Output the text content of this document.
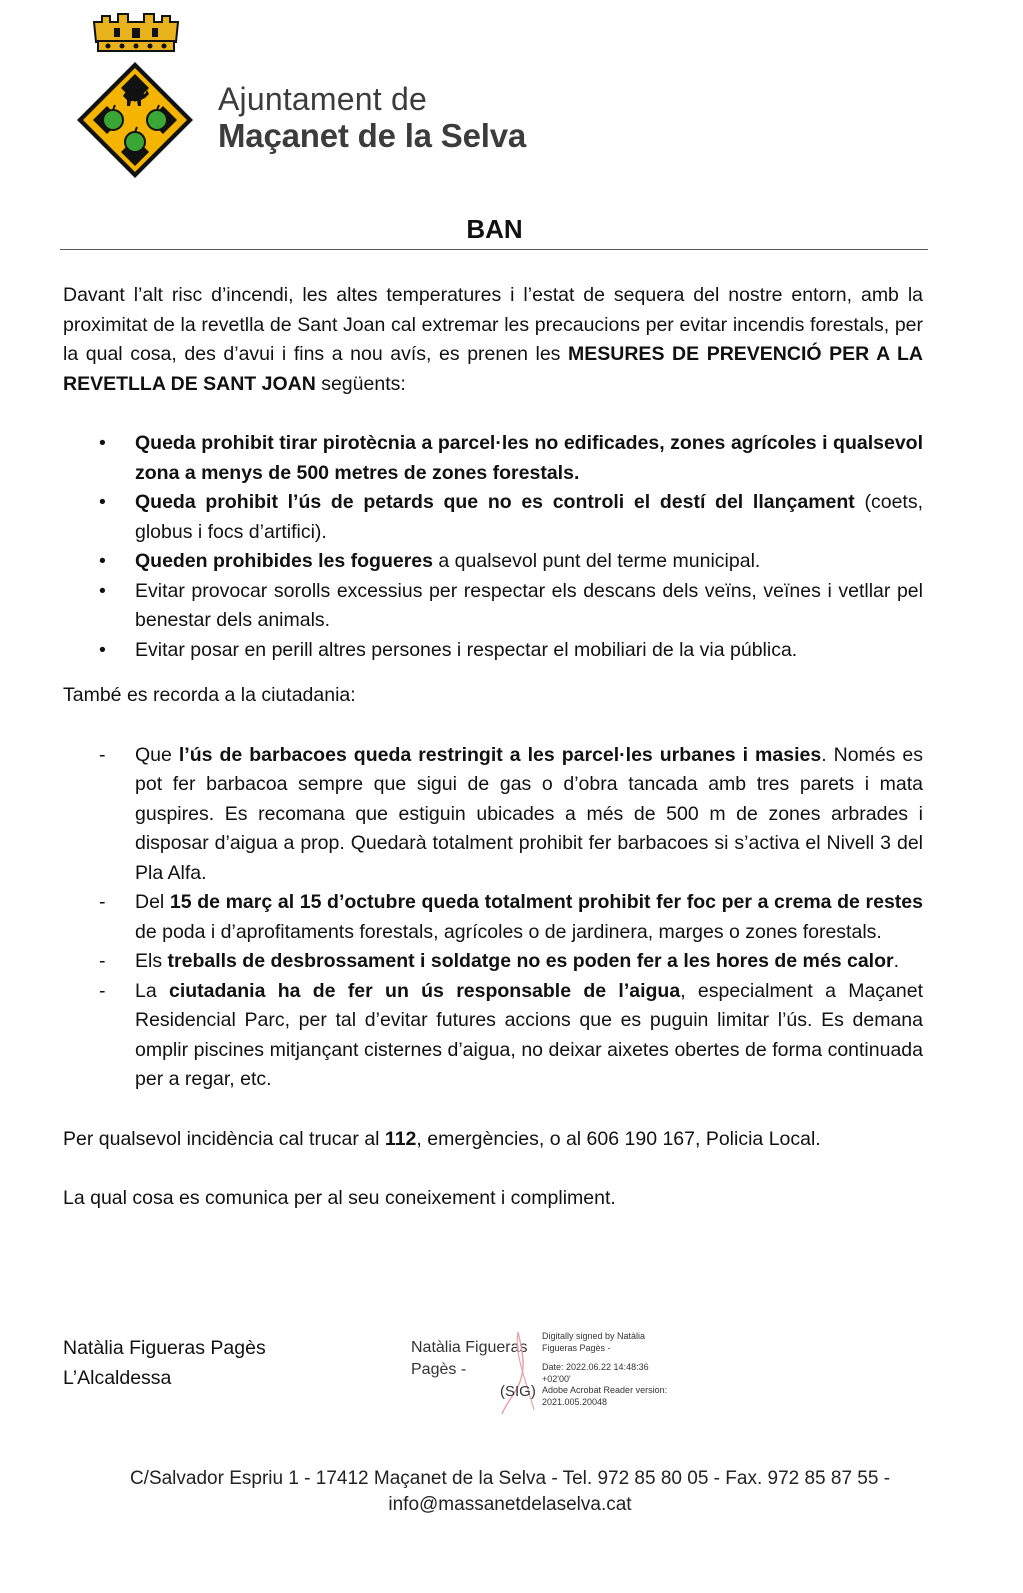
Ajuntament de
Maçanet de la Selva
BAN

Davant l’alt risc d’incendi, les altes temperatures i l’estat de sequera del nostre entorn, amb la proximitat de la revetlla de Sant Joan cal extremar les precaucions per evitar incendis forestals, per la qual cosa, des d’avui i fins a nou avís, es prenen les MESURES DE PREVENCIÓ PER A LA REVETLLA DE SANT JOAN següents:

• Queda prohibit tirar pirotècnia a parcel·les no edificades, zones agrícoles i qualsevol zona a menys de 500 metres de zones forestals.
• Queda prohibit l’ús de petards que no es controli el destí del llançament (coets, globus i focs d’artifici).
• Queden prohibides les fogueres a qualsevol punt del terme municipal.
• Evitar provocar sorolls excessius per respectar els descans dels veïns, veïnes i vetllar pel benestar dels animals.
• Evitar posar en perill altres persones i respectar el mobiliari de la via pública.

També es recorda a la ciutadania:

- Que l’ús de barbacoes queda restringit a les parcel·les urbanes i masies. Només es pot fer barbacoa sempre que sigui de gas o d’obra tancada amb tres parets i mata guspires. Es recomana que estiguin ubicades a més de 500 m de zones arbrades i disposar d’aigua a prop. Quedarà totalment prohibit fer barbacoes si s’activa el Nivell 3 del Pla Alfa.
- Del 15 de març al 15 d’octubre queda totalment prohibit fer foc per a crema de restes de poda i d’aprofitaments forestals, agrícoles o de jardinera, marges o zones forestals.
- Els treballs de desbrossament i soldatge no es poden fer a les hores de més calor.
- La ciutadania ha de fer un ús responsable de l’aigua, especialment a Maçanet Residencial Parc, per tal d’evitar futures accions que es puguin limitar l’ús. Es demana omplir piscines mitjançant cisternes d’aigua, no deixar aixetes obertes de forma continuada per a regar, etc.

Per qualsevol incidència cal trucar al 112, emergències, o al 606 190 167, Policia Local.

La qual cosa es comunica per al seu coneixement i compliment.

Natàlia Figueras Pagès
L’Alcaldessa
Natàlia Figueras
Pagès -
(SIG)
Digitally signed by Natàlia
Figueras Pagès -
Date: 2022.06.22 14:48:36
+02'00'
Adobe Acrobat Reader version:
2021.005.20048
C/Salvador Espriu 1 - 17412 Maçanet de la Selva - Tel. 972 85 80 05 - Fax. 972 85 87 55 -
info@massanetdelaselva.cat
